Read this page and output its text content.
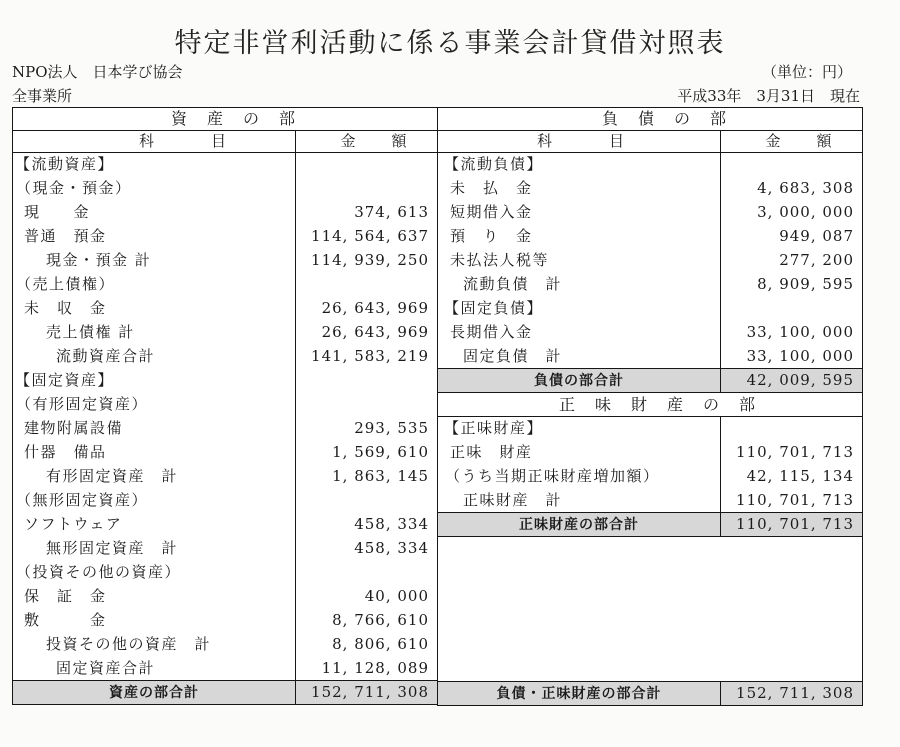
特定非営利活動に係る事業会計貸借対照表
NPO法人　日本学び協会	（単位：円）
全事業所	平成33年　3月31日　現在
資　産　の　部	
科　　　目	金　　額
【流動資産】	
（現金・預金）	
現　　金	374, 613
普通　預金	114, 564, 637
現金・預金 計	114, 939, 250
（売上債権）	
未　収　金	26, 643, 969
売上債権 計	26, 643, 969
流動資産合計	141, 583, 219
【固定資産】	
（有形固定資産）	
建物附属設備	293, 535
什器　備品	1, 569, 610
有形固定資産　計	1, 863, 145
（無形固定資産）	
ソフトウェア	458, 334
無形固定資産　計	458, 334
（投資その他の資産）	
保　証　金	40, 000
敷　　　金	8, 766, 610
投資その他の資産　計	8, 806, 610
固定資産合計	11, 128, 089
資産の部合計	152, 711, 308
負　債　の　部	
科　　　目	金　　額
【流動負債】	
未　払　金	4, 683, 308
短期借入金	3, 000, 000
預　り　金	949, 087
未払法人税等	277, 200
流動負債　計	8, 909, 595
【固定負債】	
長期借入金	33, 100, 000
固定負債　計	33, 100, 000
負債の部合計	42, 009, 595
正　味　財　産　の　部	
【正味財産】	
正味　財産	110, 701, 713
（うち当期正味財産増加額）	42, 115, 134
正味財産　計	110, 701, 713
正味財産の部合計	110, 701, 713

負債・正味財産の部合計	152, 711, 308
